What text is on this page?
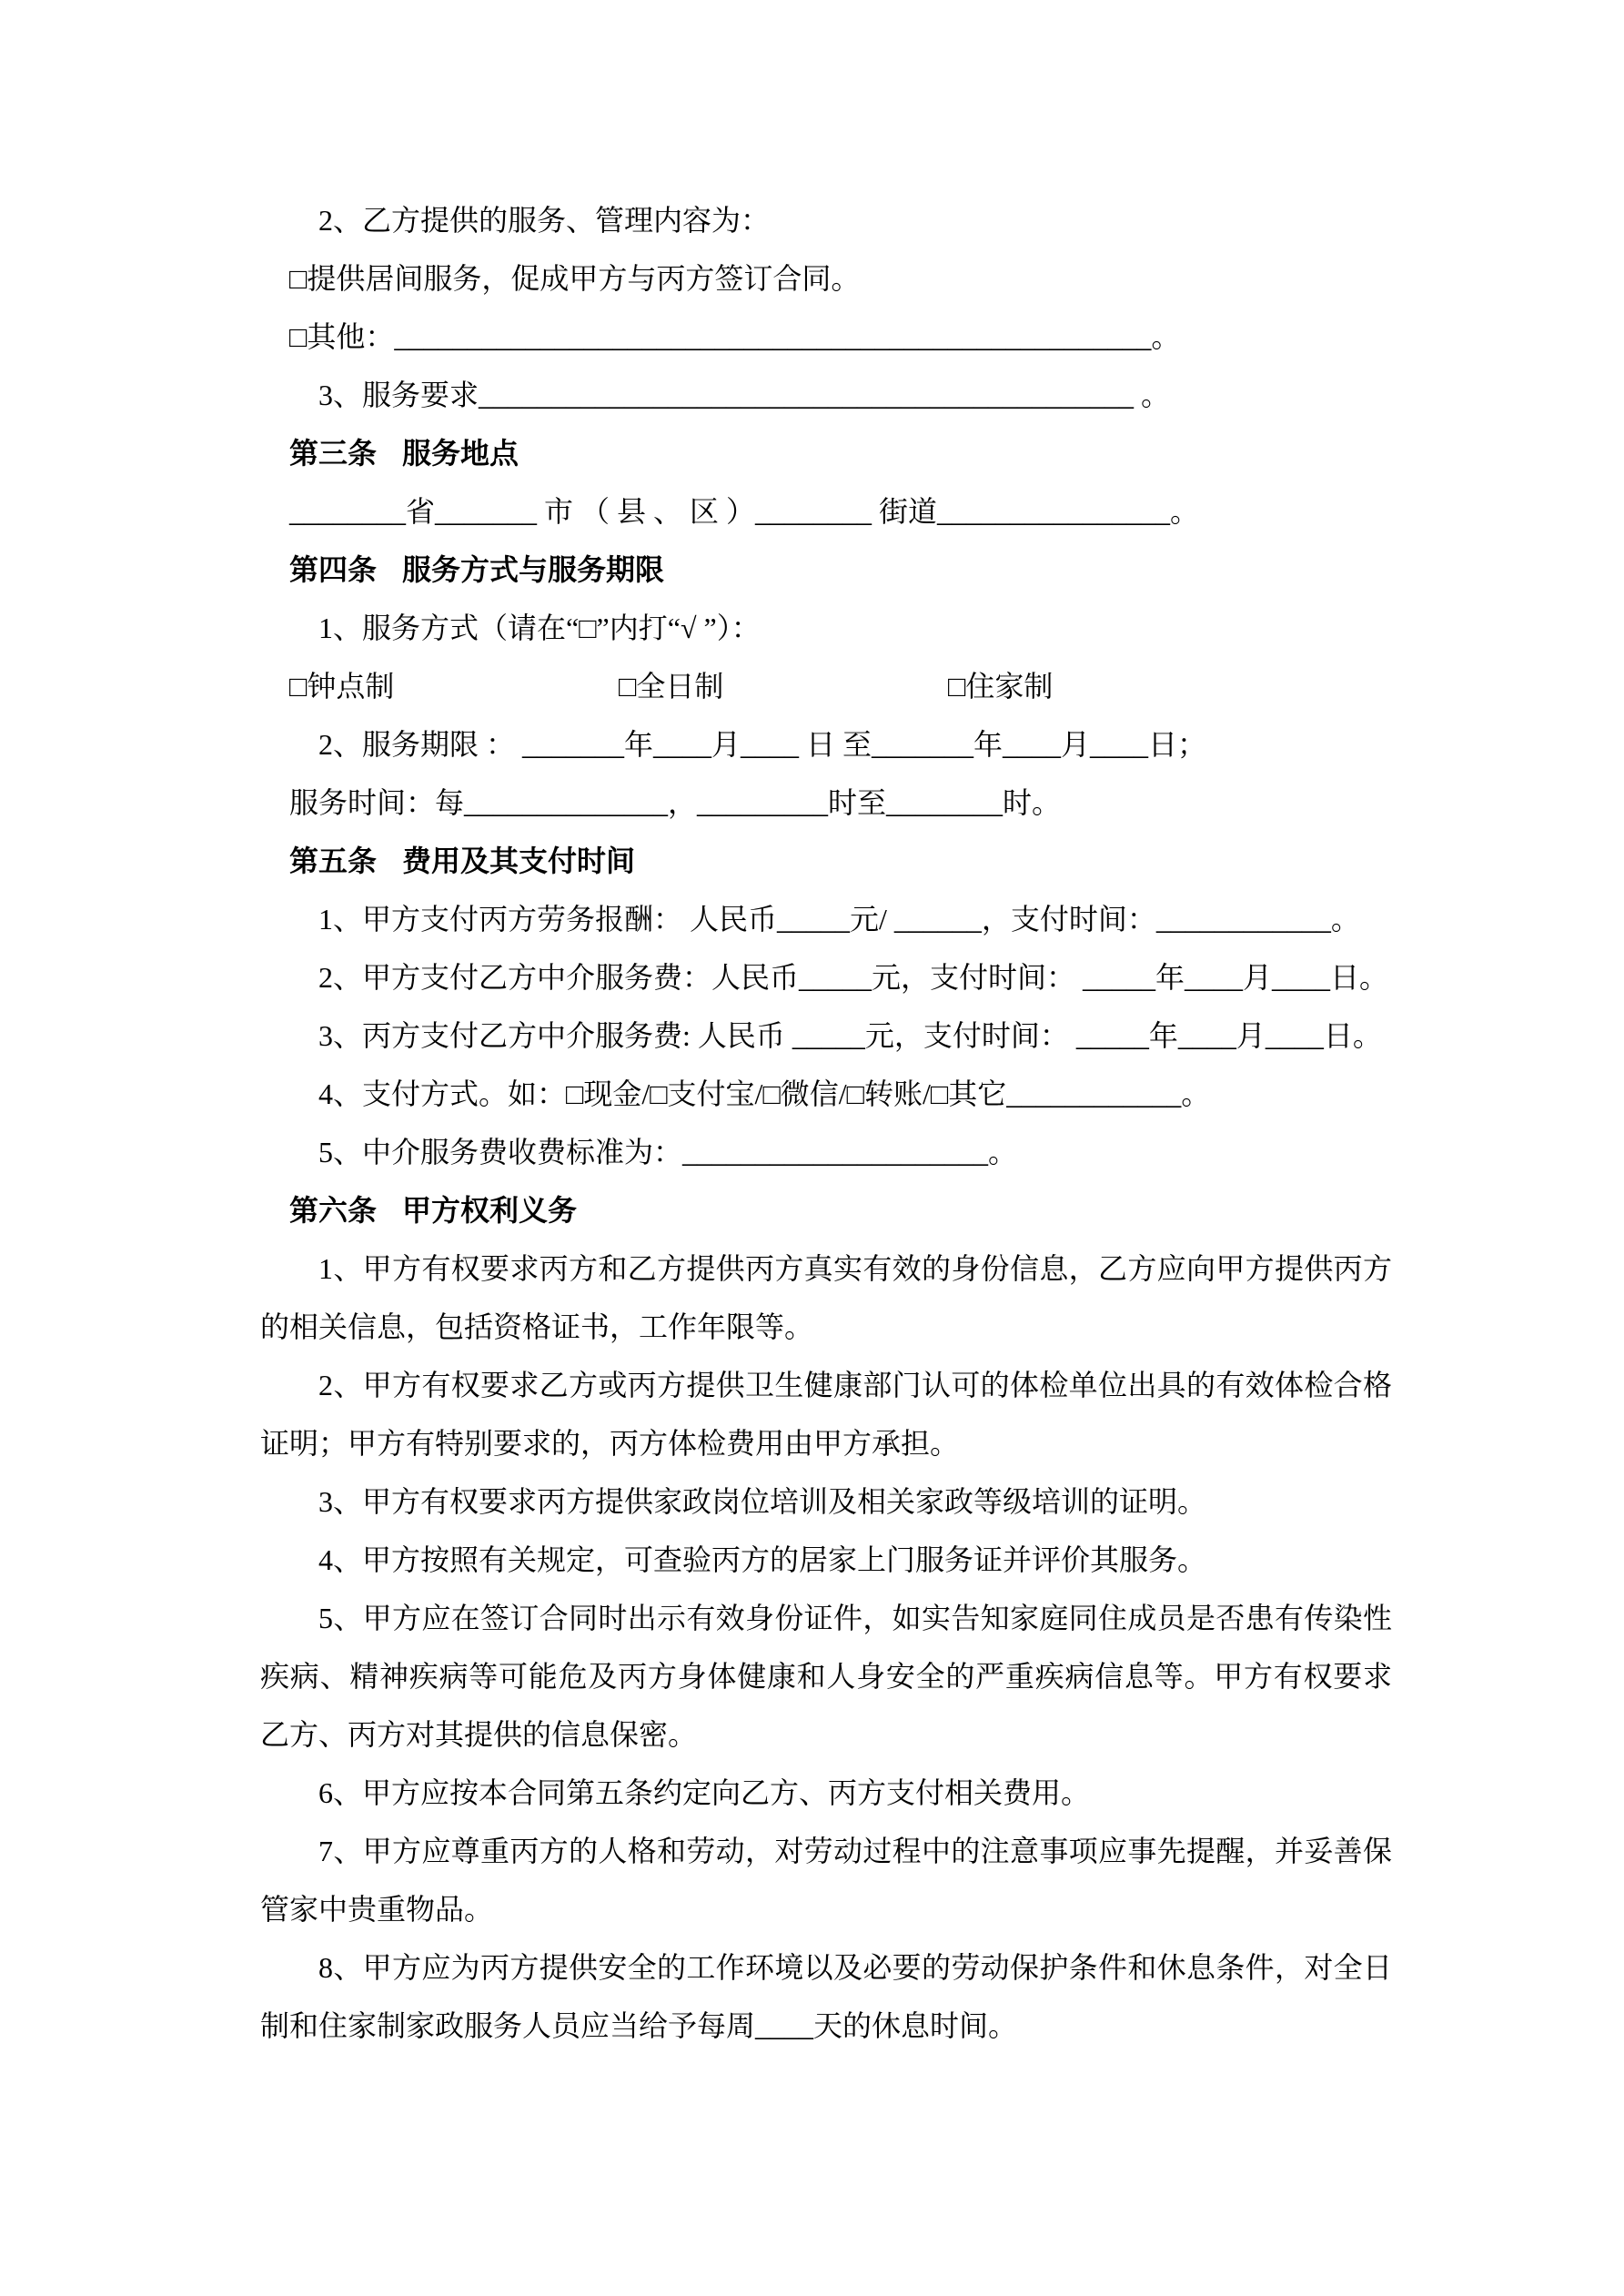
2、乙方提供的服务、管理内容为：

□提供居间服务，促成甲方与丙方签订合同。

□其他：____________________________________________________。

3、服务要求_____________________________________________ 。

第三条 服务地点

________省_______ 市 （ 县 、 区 ）________ 街道________________。

第四条 服务方式与服务期限

1、服务方式（请在“□”内打“√ ”）：

□钟点制	□全日制	□住家制

2、服务期限 ： _______年____月____ 日 至_______年____月____日；

服务时间：每______________，_________时至________时。

第五条 费用及其支付时间

1、甲方支付丙方劳务报酬： 人民币_____元/ ______，支付时间：____________。

2、甲方支付乙方中介服务费：人民币_____元，支付时间： _____年____月____日。

3、丙方支付乙方中介服务费: 人民币 _____元，支付时间： _____年____月____日。

4、支付方式。如：□现金/□支付宝/□微信/□转账/□其它____________。

5、中介服务费收费标准为：_____________________。

第六条 甲方权利义务

1、甲方有权要求丙方和乙方提供丙方真实有效的身份信息，乙方应向甲方提供丙方的相关信息，包括资格证书，工作年限等。

2、甲方有权要求乙方或丙方提供卫生健康部门认可的体检单位出具的有效体检合格证明；甲方有特别要求的，丙方体检费用由甲方承担。

3、甲方有权要求丙方提供家政岗位培训及相关家政等级培训的证明。

4、甲方按照有关规定，可查验丙方的居家上门服务证并评价其服务。

5、甲方应在签订合同时出示有效身份证件，如实告知家庭同住成员是否患有传染性疾病、精神疾病等可能危及丙方身体健康和人身安全的严重疾病信息等。甲方有权要求乙方、丙方对其提供的信息保密。

6、甲方应按本合同第五条约定向乙方、丙方支付相关费用。

7、甲方应尊重丙方的人格和劳动，对劳动过程中的注意事项应事先提醒，并妥善保管家中贵重物品。

8、甲方应为丙方提供安全的工作环境以及必要的劳动保护条件和休息条件，对全日制和住家制家政服务人员应当给予每周____天的休息时间。
